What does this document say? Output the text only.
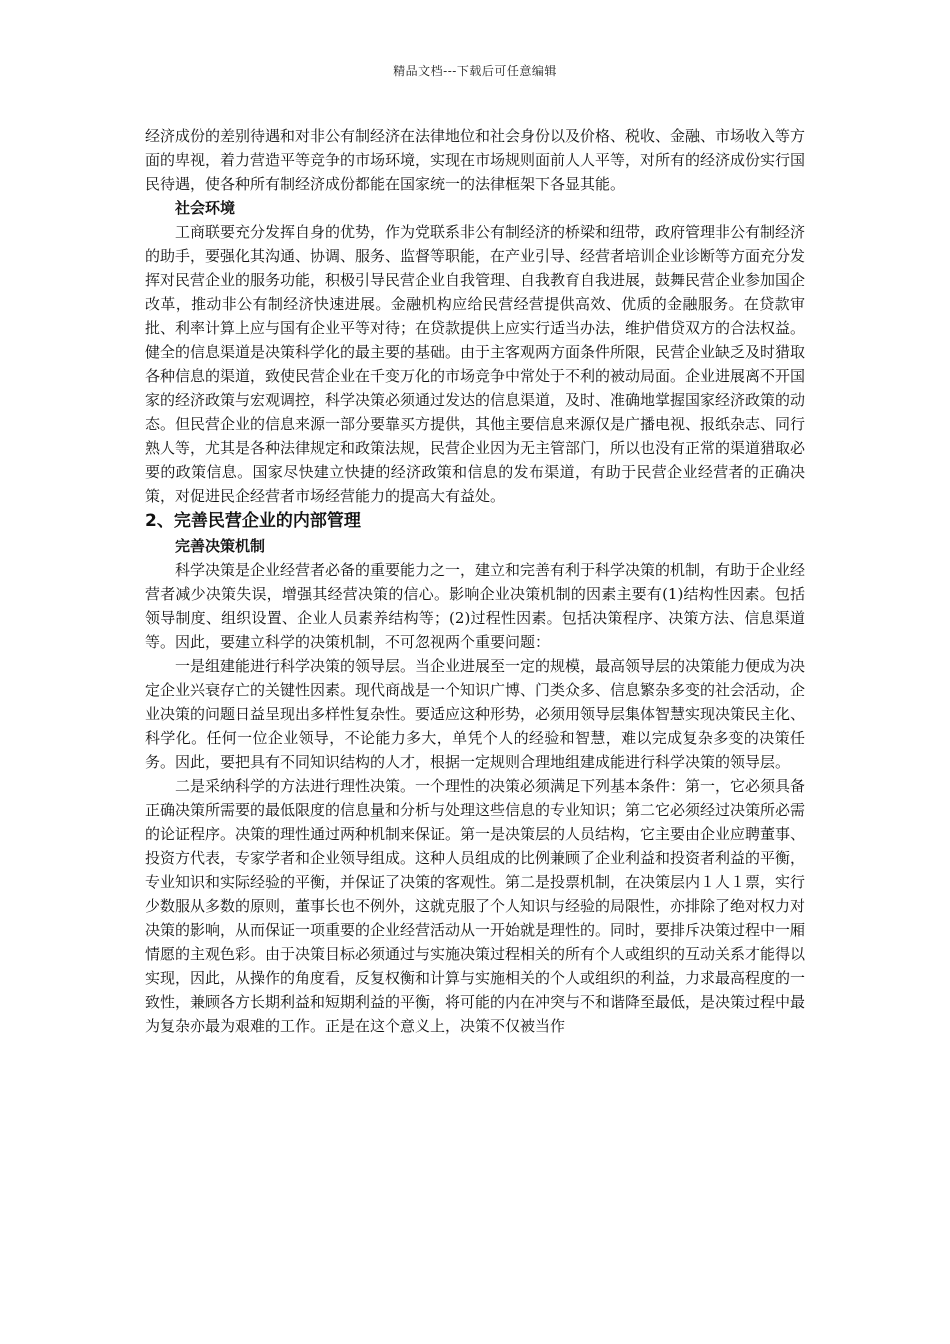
精品文档---下载后可任意编辑

经济成份的差别待遇和对非公有制经济在法律地位和社会身份以及价格、税收、金融、市场收入等方面的卑视，着力营造平等竞争的市场环境，实现在市场规则面前人人平等，对所有的经济成份实行国民待遇，使各种所有制经济成份都能在国家统一的法律框架下各显其能。

社会环境

工商联要充分发挥自身的优势，作为党联系非公有制经济的桥梁和纽带，政府管理非公有制经济的助手，要强化其沟通、协调、服务、监督等职能，在产业引导、经营者培训企业诊断等方面充分发挥对民营企业的服务功能，积极引导民营企业自我管理、自我教育自我进展，鼓舞民营企业参加国企改革，推动非公有制经济快速进展。金融机构应给民营经营提供高效、优质的金融服务。在贷款审批、利率计算上应与国有企业平等对待；在贷款提供上应实行适当办法，维护借贷双方的合法权益。健全的信息渠道是决策科学化的最主要的基础。由于主客观两方面条件所限，民营企业缺乏及时猎取各种信息的渠道，致使民营企业在千变万化的市场竞争中常处于不利的被动局面。企业进展离不开国家的经济政策与宏观调控，科学决策必须通过发达的信息渠道，及时、准确地掌握国家经济政策的动态。但民营企业的信息来源一部分要靠买方提供，其他主要信息来源仅是广播电视、报纸杂志、同行熟人等，尤其是各种法律规定和政策法规，民营企业因为无主管部门，所以也没有正常的渠道猎取必要的政策信息。国家尽快建立快捷的经济政策和信息的发布渠道，有助于民营企业经营者的正确决策，对促进民企经营者市场经营能力的提高大有益处。

2、完善民营企业的内部管理

完善决策机制

科学决策是企业经营者必备的重要能力之一，建立和完善有利于科学决策的机制，有助于企业经营者减少决策失误，增强其经营决策的信心。影响企业决策机制的因素主要有(1)结构性因素。包括领导制度、组织设置、企业人员素养结构等；(2)过程性因素。包括决策程序、决策方法、信息渠道等。因此，要建立科学的决策机制，不可忽视两个重要问题：

一是组建能进行科学决策的领导层。当企业进展至一定的规模，最高领导层的决策能力便成为决定企业兴衰存亡的关键性因素。现代商战是一个知识广博、门类众多、信息繁杂多变的社会活动，企业决策的问题日益呈现出多样性复杂性。要适应这种形势，必须用领导层集体智慧实现决策民主化、科学化。任何一位企业领导，不论能力多大，单凭个人的经验和智慧，难以完成复杂多变的决策任务。因此，要把具有不同知识结构的人才，根据一定规则合理地组建成能进行科学决策的领导层。

二是采纳科学的方法进行理性决策。一个理性的决策必须满足下列基本条件：第一，它必须具备正确决策所需要的最低限度的信息量和分析与处理这些信息的专业知识；第二它必须经过决策所必需的论证程序。决策的理性通过两种机制来保证。第一是决策层的人员结构，它主要由企业应聘董事、投资方代表，专家学者和企业领导组成。这种人员组成的比例兼顾了企业利益和投资者利益的平衡，专业知识和实际经验的平衡，并保证了决策的客观性。第二是投票机制，在决策层内１人１票，实行少数服从多数的原则，董事长也不例外，这就克服了个人知识与经验的局限性，亦排除了绝对权力对决策的影响，从而保证一项重要的企业经营活动从一开始就是理性的。同时，要排斥决策过程中一厢情愿的主观色彩。由于决策目标必须通过与实施决策过程相关的所有个人或组织的互动关系才能得以实现，因此，从操作的角度看，反复权衡和计算与实施相关的个人或组织的利益，力求最高程度的一致性，兼顾各方长期利益和短期利益的平衡，将可能的内在冲突与不和谐降至最低，是决策过程中最为复杂亦最为艰难的工作。正是在这个意义上，决策不仅被当作
